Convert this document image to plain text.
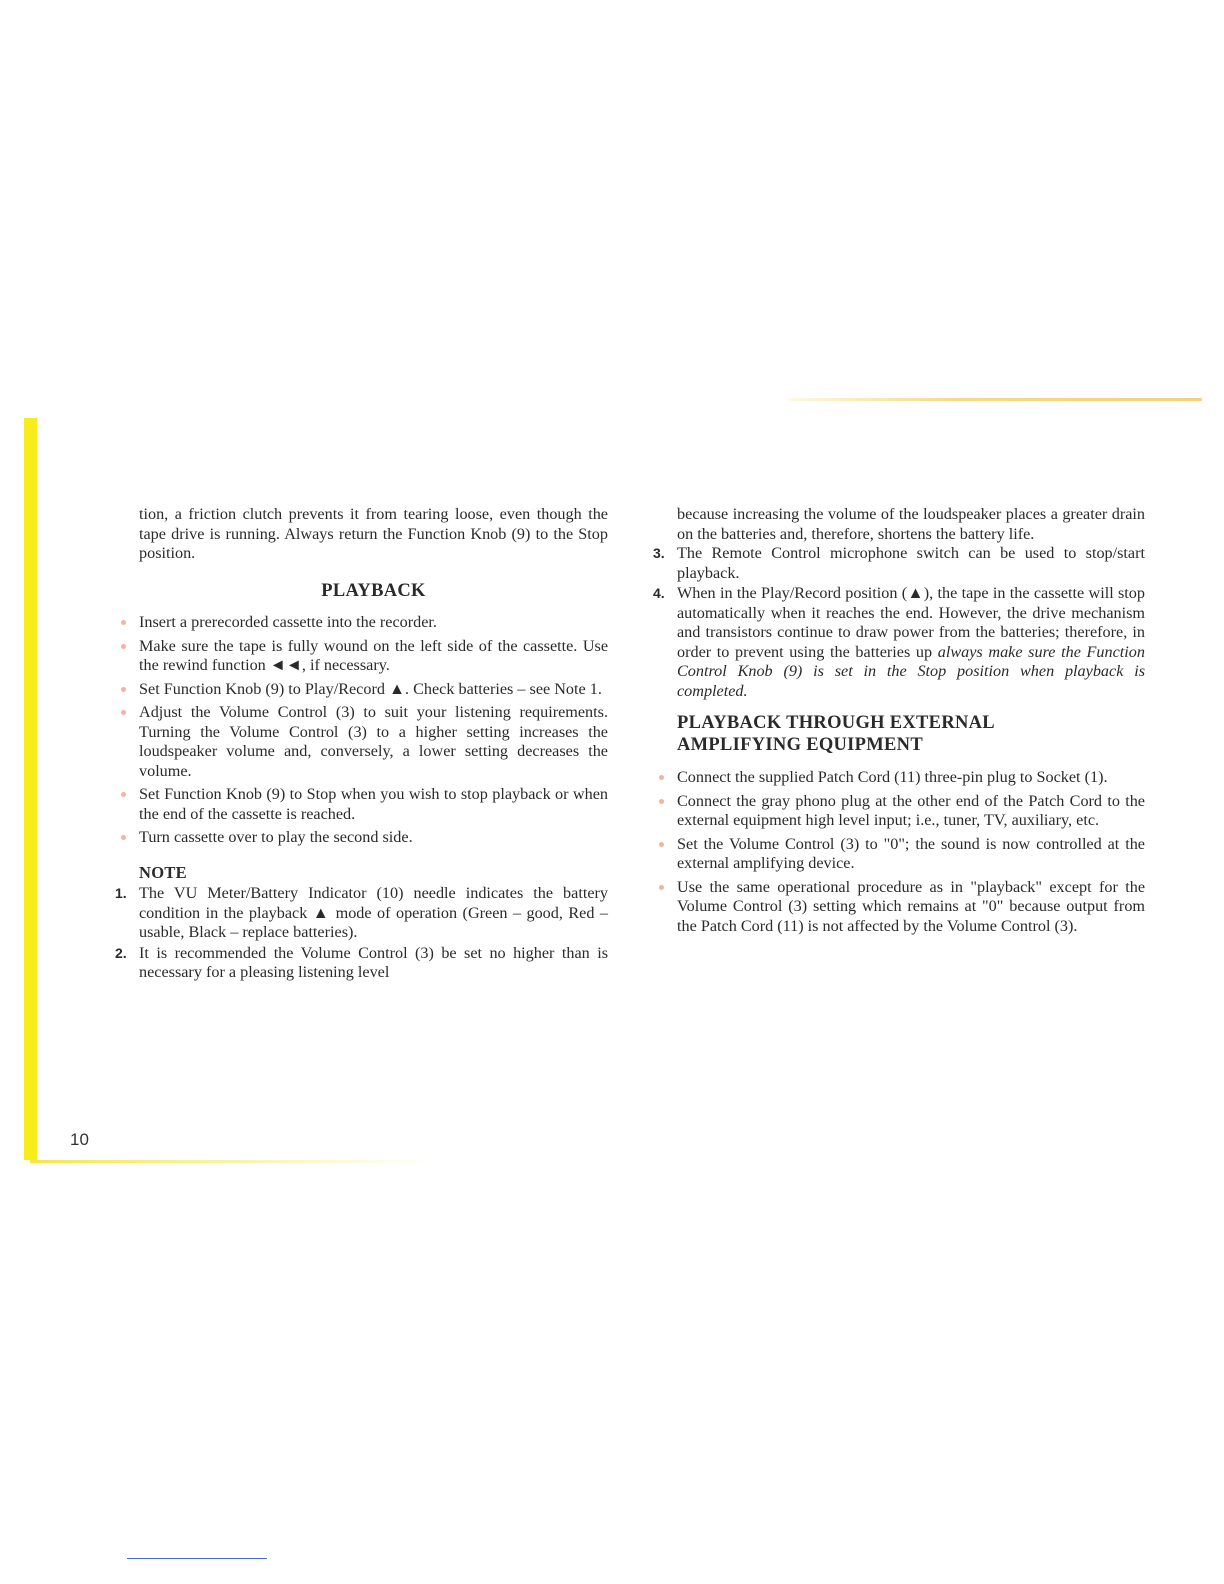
10

tion, a friction clutch prevents it from tearing loose, even though the tape drive is running. Always return the Function Knob (9) to the Stop position.

PLAYBACK
Insert a prerecorded cassette into the recorder.
Make sure the tape is fully wound on the left side of the cassette. Use the rewind function ◄◄, if necessary.
Set Function Knob (9) to Play/Record ▲. Check batteries – see Note 1.
Adjust the Volume Control (3) to suit your listening requirements. Turning the Volume Control (3) to a higher setting increases the loudspeaker volume and, conversely, a lower setting decreases the volume.
Set Function Knob (9) to Stop when you wish to stop playback or when the end of the cassette is reached.
Turn cassette over to play the second side.
NOTE
1. The VU Meter/Battery Indicator (10) needle indicates the battery condition in the playback ▲ mode of operation (Green – good, Red – usable, Black – replace batteries).
2. It is recommended the Volume Control (3) be set no higher than is necessary for a pleasing listening level

because increasing the volume of the loudspeaker places a greater drain on the batteries and, therefore, shortens the battery life.

3. The Remote Control microphone switch can be used to stop/start playback.
4. When in the Play/Record position (▲), the tape in the cassette will stop automatically when it reaches the end. However, the drive mechanism and transistors continue to draw power from the batteries; therefore, in order to prevent using the batteries up always make sure the Function Control Knob (9) is set in the Stop position when playback is completed.
PLAYBACK THROUGH EXTERNAL
AMPLIFYING EQUIPMENT
Connect the supplied Patch Cord (11) three-pin plug to Socket (1).
Connect the gray phono plug at the other end of the Patch Cord to the external equipment high level input; i.e., tuner, TV, auxiliary, etc.
Set the Volume Control (3) to "0"; the sound is now controlled at the external amplifying device.
Use the same operational procedure as in "playback" except for the Volume Control (3) setting which remains at "0" because output from the Patch Cord (11) is not affected by the Volume Control (3).
